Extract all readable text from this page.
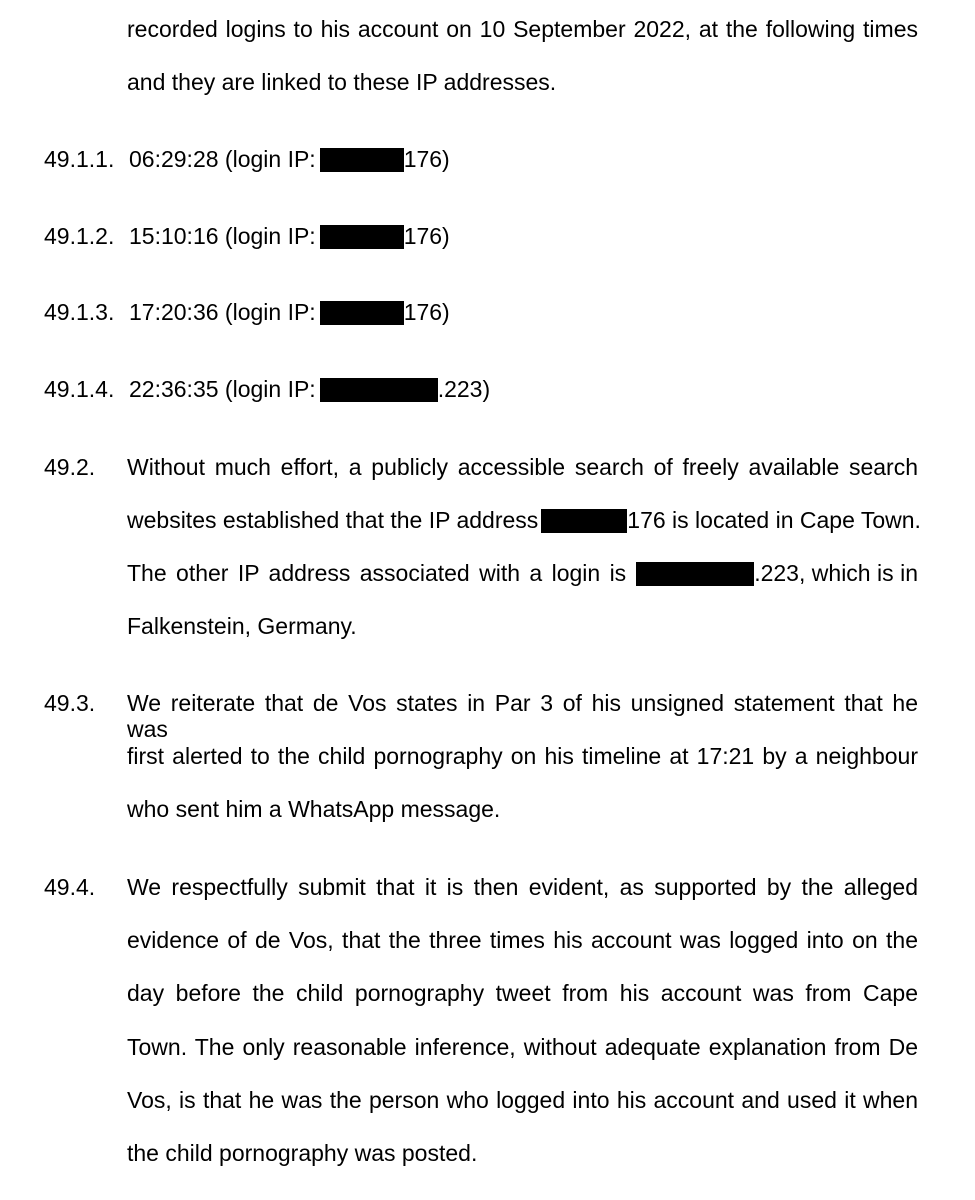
recorded logins to his account on 10 September 2022, at the following times
and they are linked to these IP addresses.
49.1.1. 06:29:28 (login IP:	176)
49.1.2. 15:10:16 (login IP:	176)
49.1.3. 17:20:36 (login IP:	176)
49.1.4. 22:36:35 (login IP:	.223)
49.2. Without much effort, a publicly accessible search of freely available search
websites established that the IP address	176 is located in Cape Town.
The other IP address associated with a login is	.223, which is in
Falkenstein, Germany.
49.3. We reiterate that de Vos states in Par 3 of his unsigned statement that he was
first alerted to the child pornography on his timeline at 17:21 by a neighbour
who sent him a WhatsApp message.
49.4. We respectfully submit that it is then evident, as supported by the alleged
evidence of de Vos, that the three times his account was logged into on the
day before the child pornography tweet from his account was from Cape
Town. The only reasonable inference, without adequate explanation from De
Vos, is that he was the person who logged into his account and used it when
the child pornography was posted.
